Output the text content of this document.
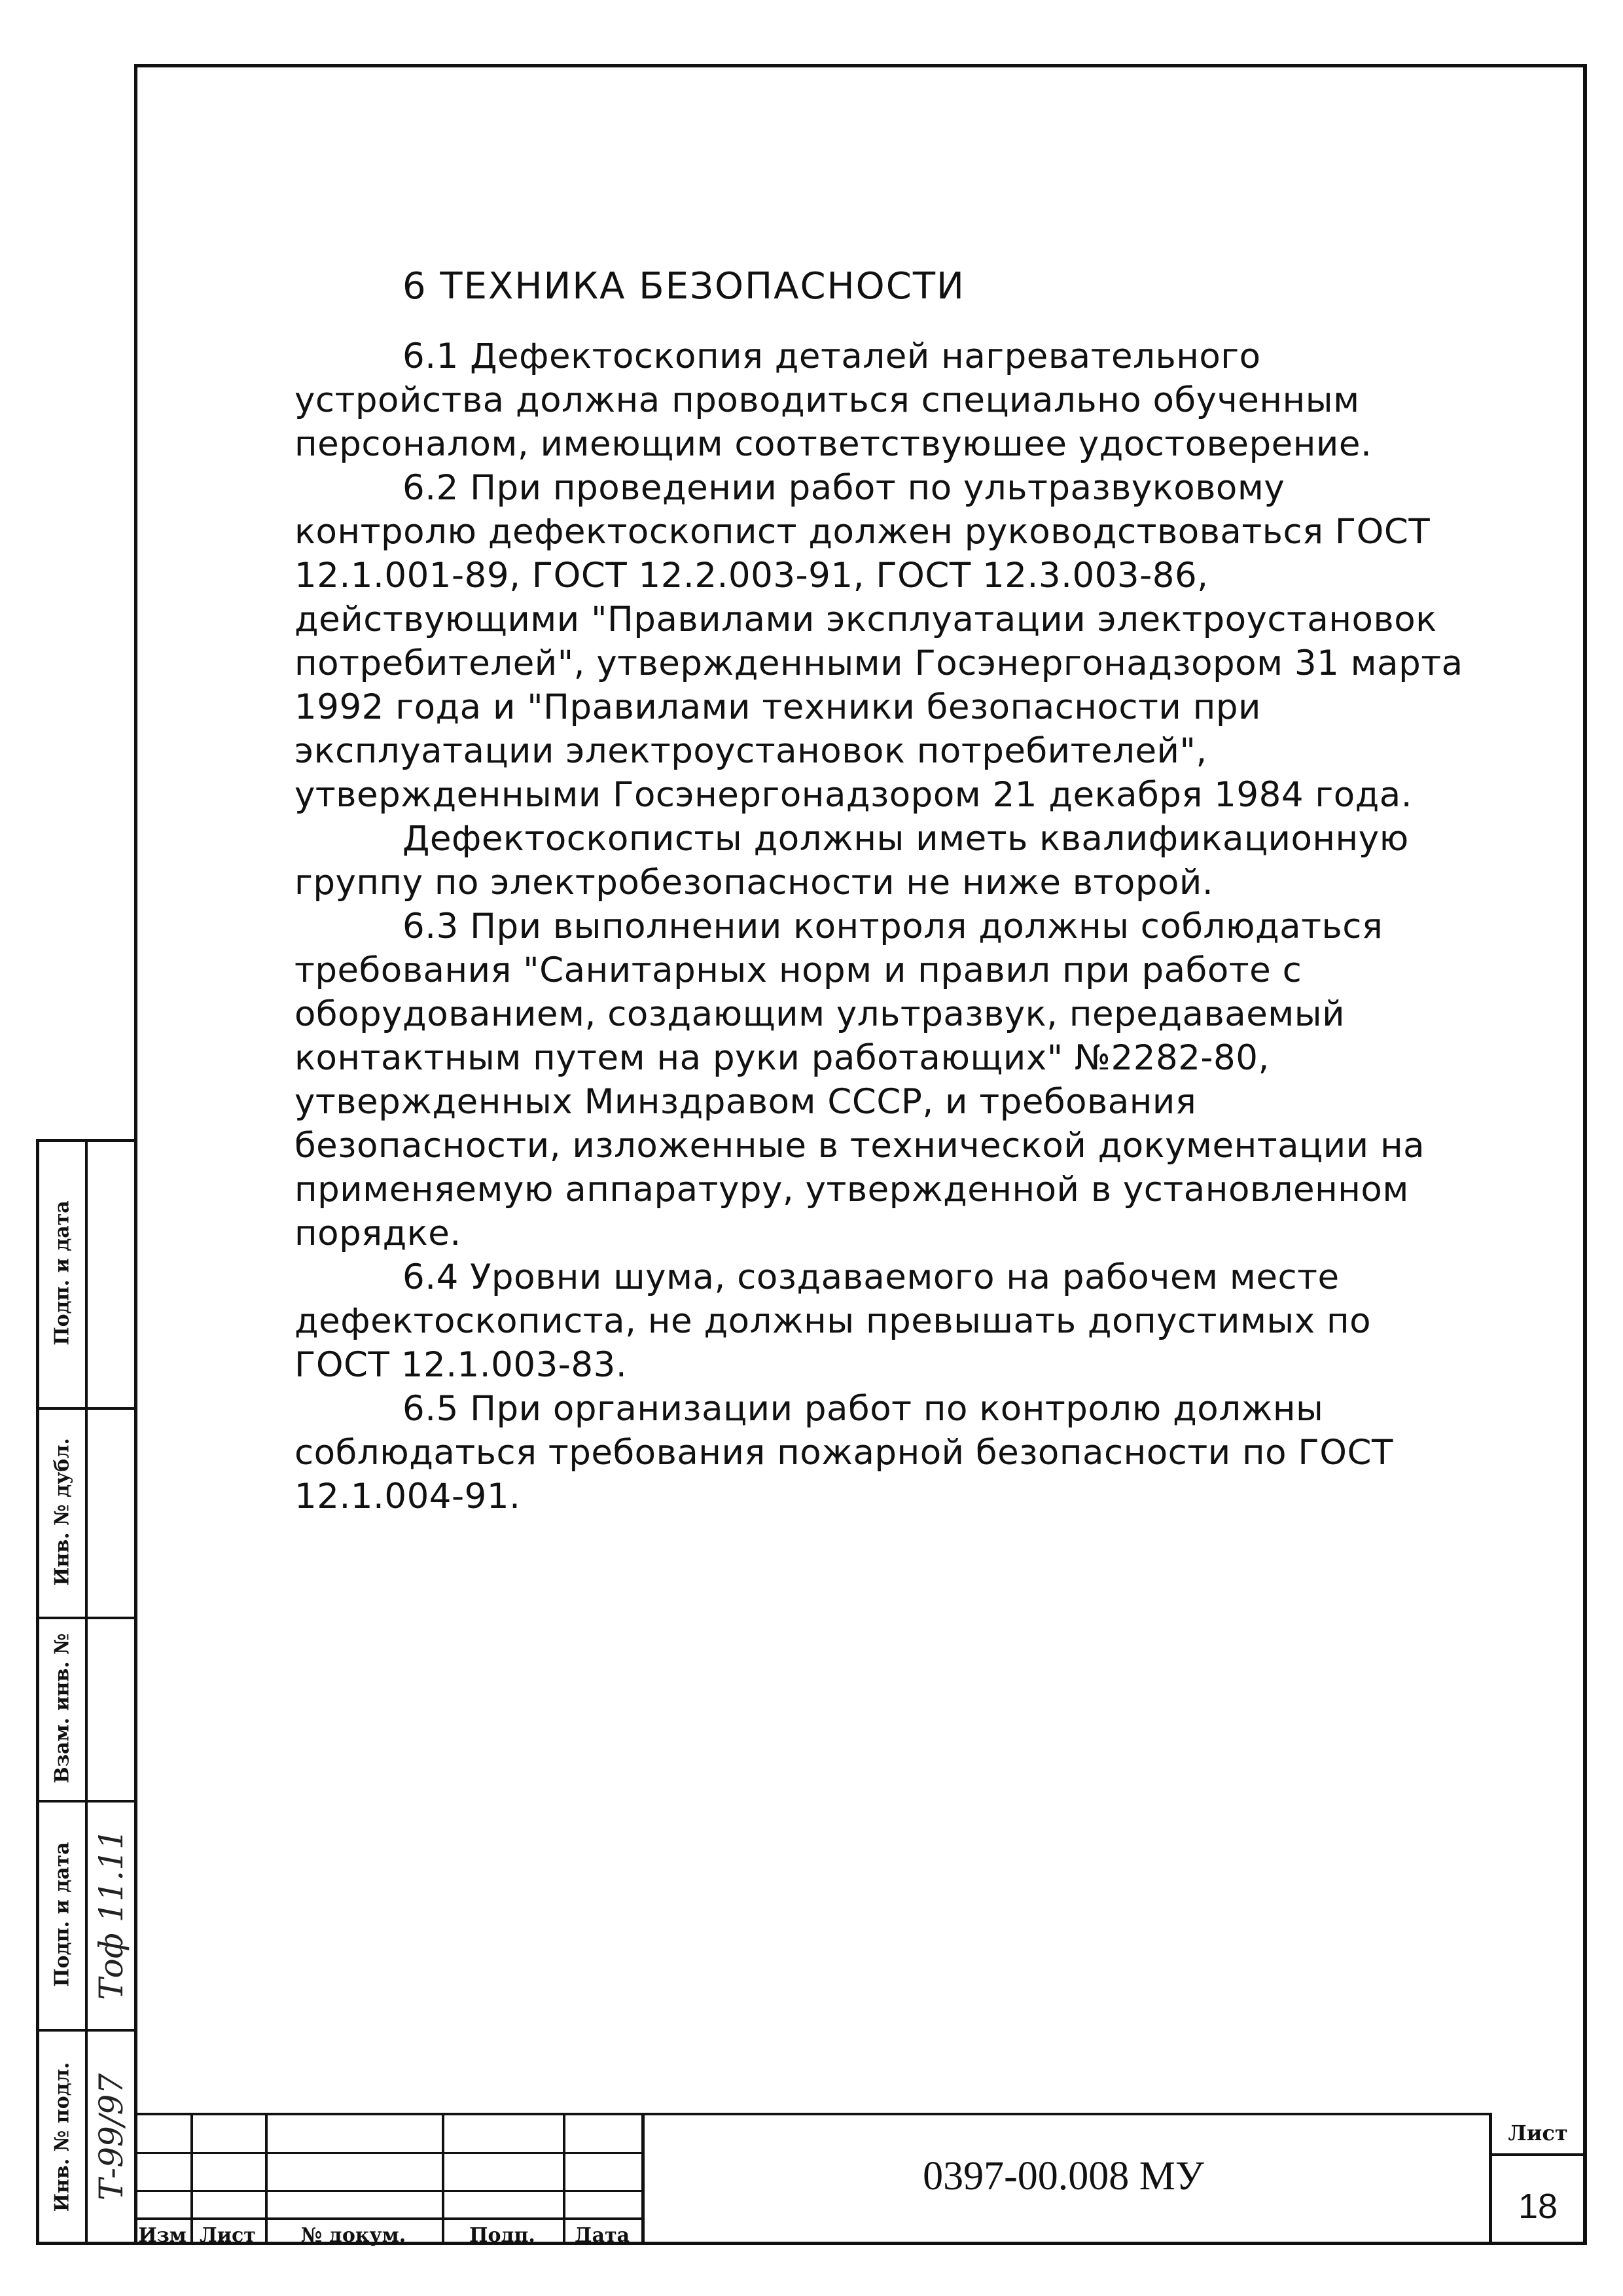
6 ТЕХНИКА БЕЗОПАСНОСТИ

6.1 Дефектоскопия деталей нагревательного устройства должна проводиться специально обученным персоналом, имеющим соответствуюшее удостоверение.

6.2 При проведении работ по ультразвуковому контролю дефектоскопист должен руководствоваться ГОСТ 12.1.001-89, ГОСТ 12.2.003-91, ГОСТ 12.3.003-86, действующими "Правилами эксплуатации электроустановок потребителей", утвержденными Госэнергонадзором 31 марта 1992 года и "Правилами техники безопасности при эксплуатации электроустановок потребителей", утвержденными Госэнергонадзором 21 декабря 1984 года.

Дефектоскописты должны иметь квалификационную группу по электробезопасности не ниже второй.

6.3 При выполнении контроля должны соблюдаться требования "Санитарных норм и правил при работе с оборудованием, создающим ультразвук, передаваемый контактным путем на руки работающих" №2282-80, утвержденных Минздравом СССР, и требования безопасности, изложенные в технической документации на применяемую аппаратуру, утвержденной в установленном порядке.

6.4 Уровни шума, создаваемого на рабочем месте дефектоскописта, не должны превышать допустимых по ГОСТ 12.1.003-83.

6.5 При организации работ по контролю должны соблюдаться требования пожарной безопасности по ГОСТ 12.1.004-91.

Подп. и дата
Инв. № дубл.
Взам. инв. №
Подп. и дата
Инв. № подл.
Тоф 11.11
Т-99/97
Изм Лист	№ докум.	Подп.	Дата
0397-00.008 МУ
Лист
18
